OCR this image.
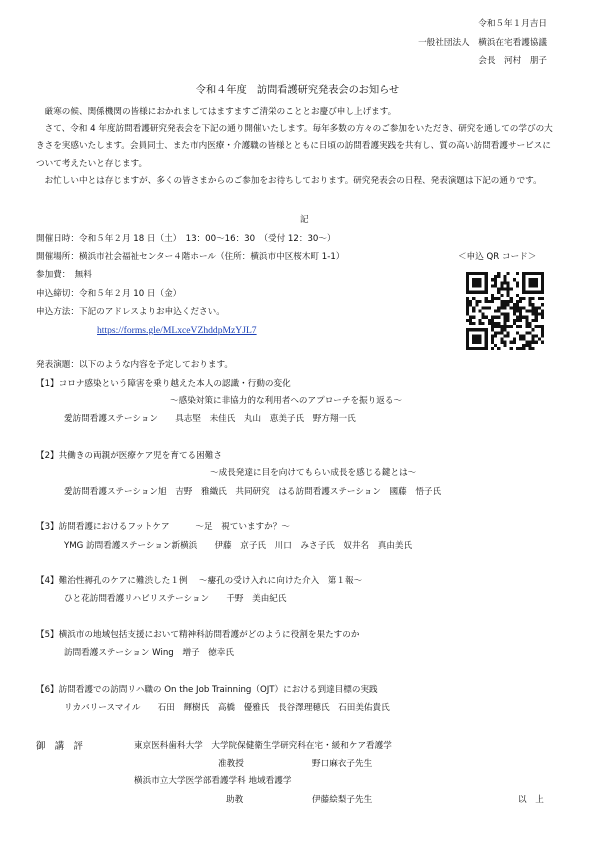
令和５年１月吉日
一般社団法人　横浜在宅看護協議
会長　河村　朋子
令和４年度　訪問看護研究発表会のお知らせ
　厳寒の候、関係機関の皆様におかれましてはますますご清栄のこととお慶び申し上げます。
　さて、令和 4 年度訪問看護研究発表会を下記の通り開催いたします。毎年多数の方々のご参加をいただき、研究を通しての学びの大きさを実感いたします。会員同士、また市内医療・介護職の皆様とともに日頃の訪問看護実践を共有し、質の高い訪問看護サービスについて考えたいと存じます。
　お忙しい中とは存じますが、多くの皆さまからのご参加をお待ちしております。研究発表会の日程、発表演題は下記の通りです。
記
開催日時：令和５年２月 18 日（土）　13：00～16：30　（受付 12：30～）
開催場所：横浜市社会福祉センター４階ホール（住所：横浜市中区桜木町 1-1）	＜申込 QR コード＞
参加費：　無料
申込締切：令和５年２月 10 日（金）
申込方法：下記のアドレスよりお申込ください。
https://forms.gle/MLxceVZhddpMzYJL7
発表演題：以下のような内容を予定しております。
【1】コロナ感染という障害を乗り越えた本人の認識・行動の変化
～感染対策に非協力的な利用者へのアプローチを振り返る～
愛訪問看護ステーション　　具志堅　未佳氏　丸山　恵美子氏　野方翔一氏
【2】共働きの両親が医療ケア児を育てる困難さ
～成長発達に目を向けてもらい成長を感じる鍵とは～
愛訪問看護ステーション旭　吉野　雅織氏　共同研究　はる訪問看護ステーション　國藤　悟子氏
【3】訪問看護におけるフットケア　　　～足　視ていますか？～
YMG 訪問看護ステーション新横浜　　伊藤　京子氏　川口　みさ子氏　奴井名　真由美氏
【4】難治性褥孔のケアに難渋した１例　 ～瘻孔の受け入れに向けた介入　第１報～
ひと花訪問看護リハビリステーション　　千野　美由紀氏
【5】横浜市の地域包括支援において精神科訪問看護がどのように役割を果たすのか
訪問看護ステーション Wing　増子　徳幸氏
【6】訪問看護での訪問リハ職の On the Job Trainning（OJT）における到達目標の実践
リカバリースマイル　　石田　輝樹氏　高橋　優雅氏　長谷澤理穂氏　石田美佑貴氏
御　講　評	東京医科歯科大学　大学院保健衛生学研究科在宅・緩和ケア看護学
准教授	野口麻衣子先生
横浜市立大学医学部看護学科 地域看護学
助教	伊藤絵梨子先生	以　上
